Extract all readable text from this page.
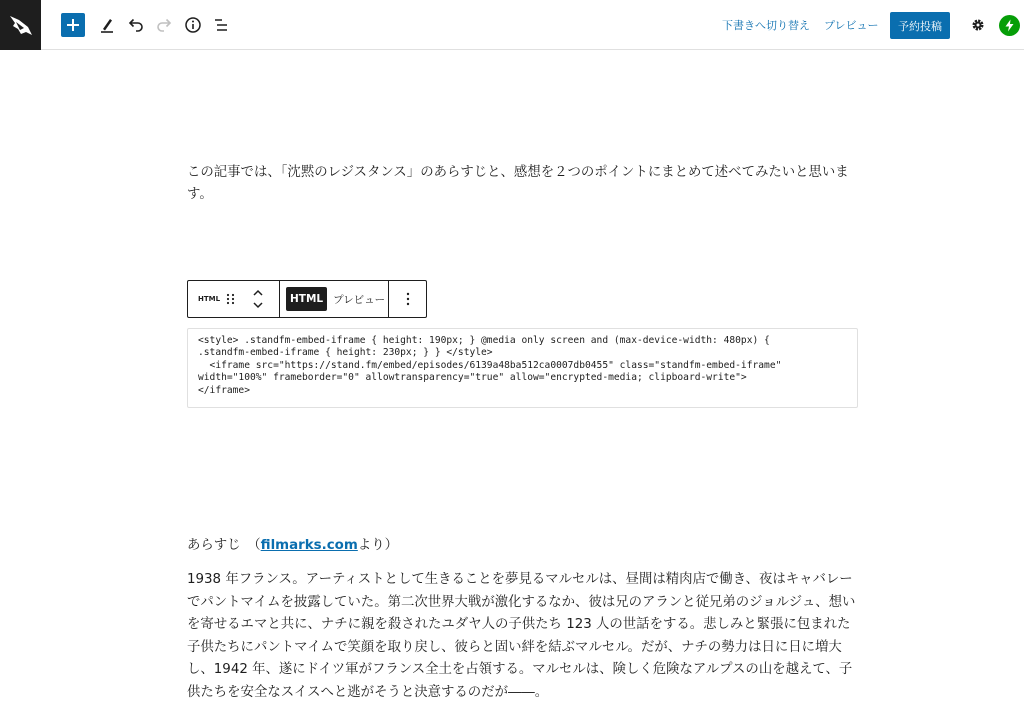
下書きへ切り替え プレビュー	予約投稿

この記事では、「沈黙のレジスタンス」のあらすじと、感想を２つのポイントにまとめて述べてみたいと思います。

HTML	HTML プレビュー
<style> .standfm-embed-iframe { height: 190px; } @media only screen and (max-device-width: 480px) {
.standfm-embed-iframe { height: 230px; } } </style>
<iframe src="https://stand.fm/embed/episodes/6139a48ba512ca0007db0455" class="standfm-embed-iframe"
width="100%" frameborder="0" allowtransparency="true" allow="encrypted-media; clipboard-write">
</iframe>

あらすじ　（filmarks.comより）

1938 年フランス。アーティストとして生きることを夢見るマルセルは、昼間は精肉店で働き、夜はキャバレーでパントマイムを披露していた。第二次世界大戦が激化するなか、彼は兄のアランと従兄弟のジョルジュ、想いを寄せるエマと共に、ナチに親を殺されたユダヤ人の子供たち 123 人の世話をする。悲しみと緊張に包まれた子供たちにパントマイムで笑顔を取り戻し、彼らと固い絆を結ぶマルセル。だが、ナチの勢力は日に日に増大し、1942 年、遂にドイツ軍がフランス全土を占領する。マルセルは、険しく危険なアルプスの山を越えて、子供たちを安全なスイスへと逃がそうと決意するのだが――。
